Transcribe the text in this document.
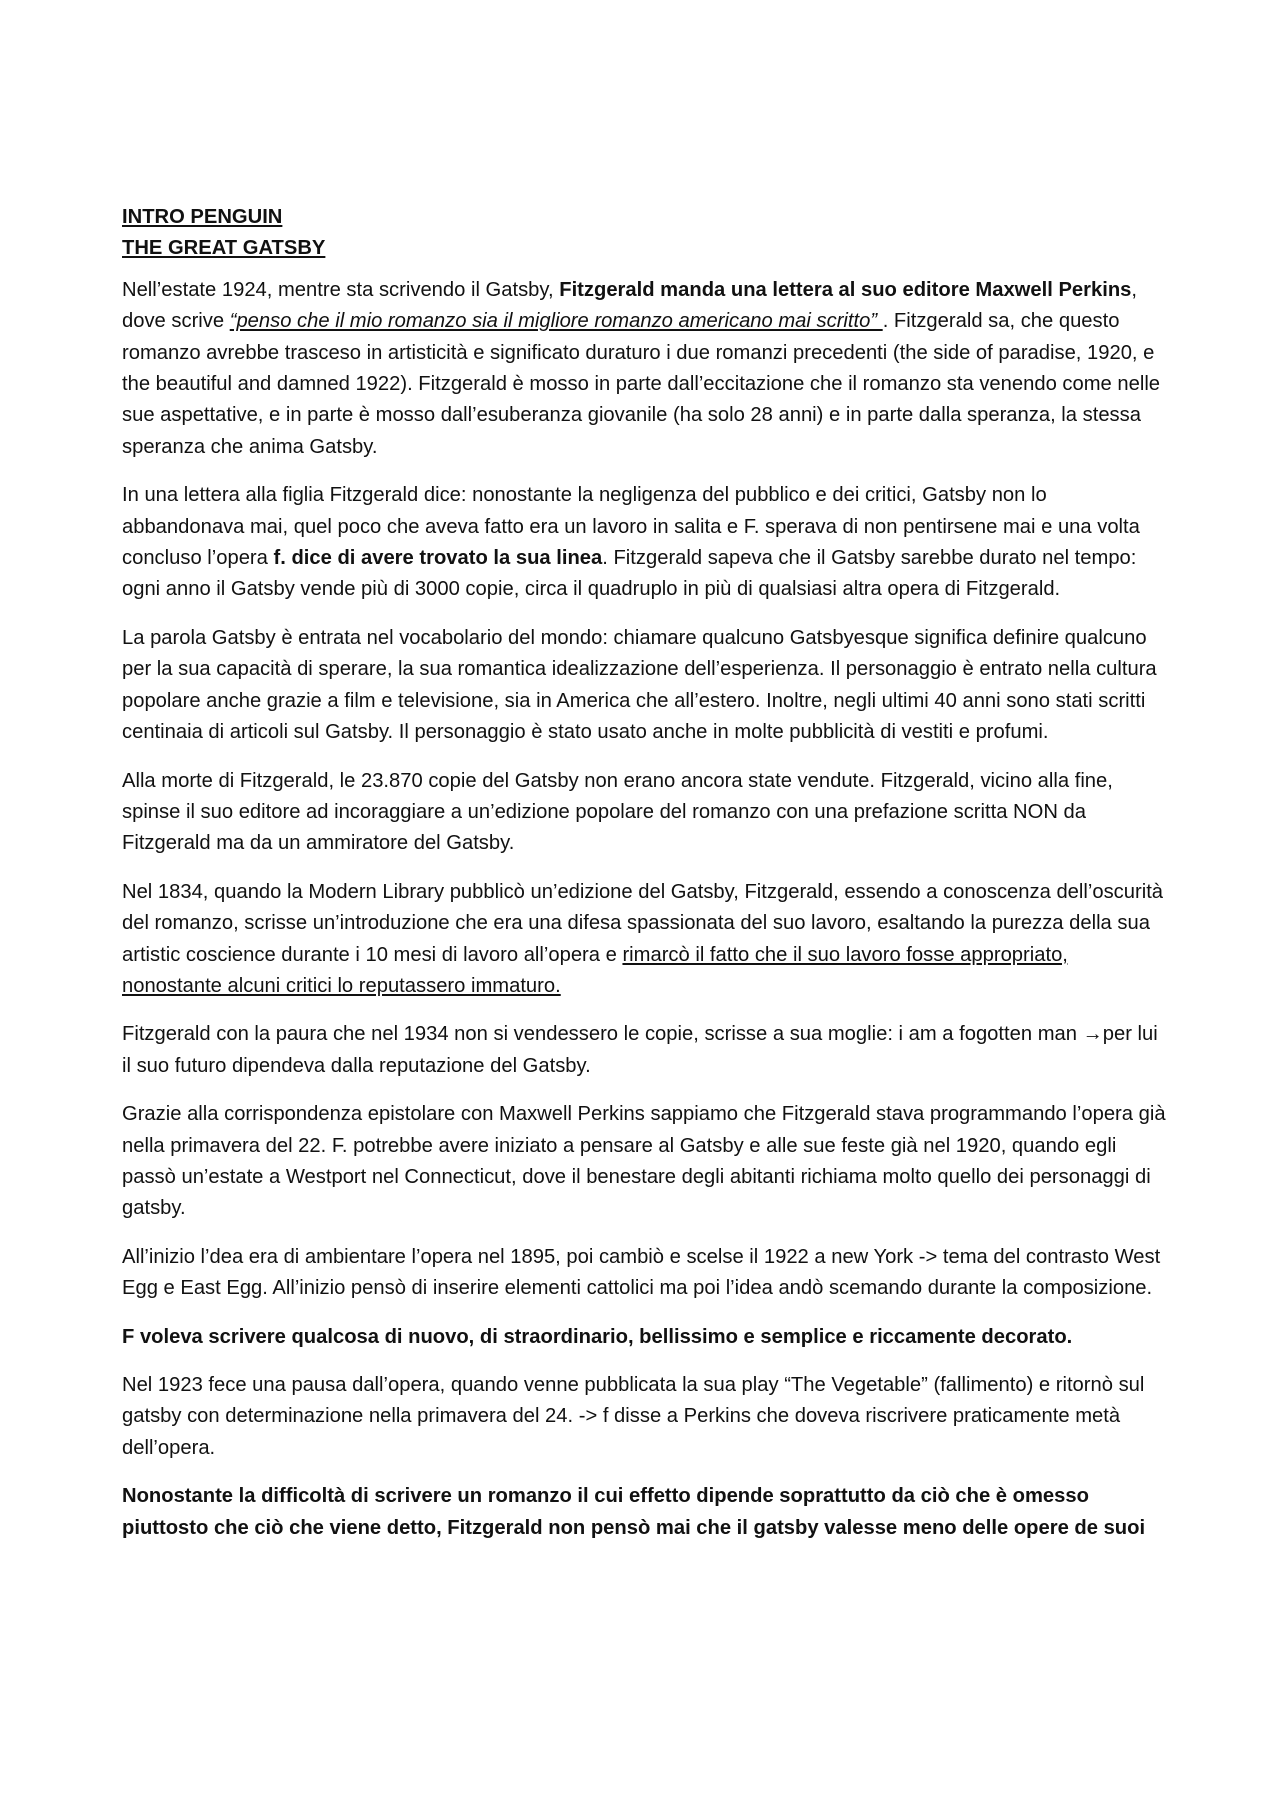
INTRO PENGUIN
THE GREAT GATSBY

Nell’estate 1924, mentre sta scrivendo il Gatsby, Fitzgerald manda una lettera al suo editore Maxwell Perkins, dove scrive “penso che il mio romanzo sia il migliore romanzo americano mai scritto” . Fitzgerald sa, che questo romanzo avrebbe trasceso in artisticità e significato duraturo i due romanzi precedenti (the side of paradise, 1920, e the beautiful and damned 1922). Fitzgerald è mosso in parte dall’eccitazione che il romanzo sta venendo come nelle sue aspettative, e in parte è mosso dall’esuberanza giovanile (ha solo 28 anni) e in parte dalla speranza, la stessa speranza che anima Gatsby.

In una lettera alla figlia Fitzgerald dice: nonostante la negligenza del pubblico e dei critici, Gatsby non lo abbandonava mai, quel poco che aveva fatto era un lavoro in salita e F. sperava di non pentirsene mai e una volta concluso l’opera f. dice di avere trovato la sua linea. Fitzgerald sapeva che il Gatsby sarebbe durato nel tempo: ogni anno il Gatsby vende più di 3000 copie, circa il quadruplo in più di qualsiasi altra opera di Fitzgerald.

La parola Gatsby è entrata nel vocabolario del mondo: chiamare qualcuno Gatsbyesque significa definire qualcuno per la sua capacità di sperare, la sua romantica idealizzazione dell’esperienza. Il personaggio è entrato nella cultura popolare anche grazie a film e televisione, sia in America che all’estero. Inoltre, negli ultimi 40 anni sono stati scritti centinaia di articoli sul Gatsby. Il personaggio è stato usato anche in molte pubblicità di vestiti e profumi.

Alla morte di Fitzgerald, le 23.870 copie del Gatsby non erano ancora state vendute. Fitzgerald, vicino alla fine, spinse il suo editore ad incoraggiare a un’edizione popolare del romanzo con una prefazione scritta NON da Fitzgerald ma da un ammiratore del Gatsby.

Nel 1834, quando la Modern Library pubblicò un’edizione del Gatsby, Fitzgerald, essendo a conoscenza dell’oscurità del romanzo, scrisse un’introduzione che era una difesa spassionata del suo lavoro, esaltando la purezza della sua artistic coscience durante i 10 mesi di lavoro all’opera e rimarcò il fatto che il suo lavoro fosse appropriato, nonostante alcuni critici lo reputassero immaturo.

Fitzgerald con la paura che nel 1934 non si vendessero le copie, scrisse a sua moglie: i am a fogotten man →per lui il suo futuro dipendeva dalla reputazione del Gatsby.

Grazie alla corrispondenza epistolare con Maxwell Perkins sappiamo che Fitzgerald stava programmando l’opera già nella primavera del 22. F. potrebbe avere iniziato a pensare al Gatsby e alle sue feste già nel 1920, quando egli passò un’estate a Westport nel Connecticut, dove il benestare degli abitanti richiama molto quello dei personaggi di gatsby.

All’inizio l’dea era di ambientare l’opera nel 1895, poi cambiò e scelse il 1922 a new York -> tema del contrasto West Egg e East Egg. All’inizio pensò di inserire elementi cattolici ma poi l’idea andò scemando durante la composizione.

F voleva scrivere qualcosa di nuovo, di straordinario, bellissimo e semplice e riccamente decorato.

Nel 1923 fece una pausa dall’opera, quando venne pubblicata la sua play “The Vegetable” (fallimento) e ritornò sul gatsby con determinazione nella primavera del 24. -> f disse a Perkins che doveva riscrivere praticamente metà dell’opera.

Nonostante la difficoltà di scrivere un romanzo il cui effetto dipende soprattutto da ciò che è omesso piuttosto che ciò che viene detto, Fitzgerald non pensò mai che il gatsby valesse meno delle opere de suoi
